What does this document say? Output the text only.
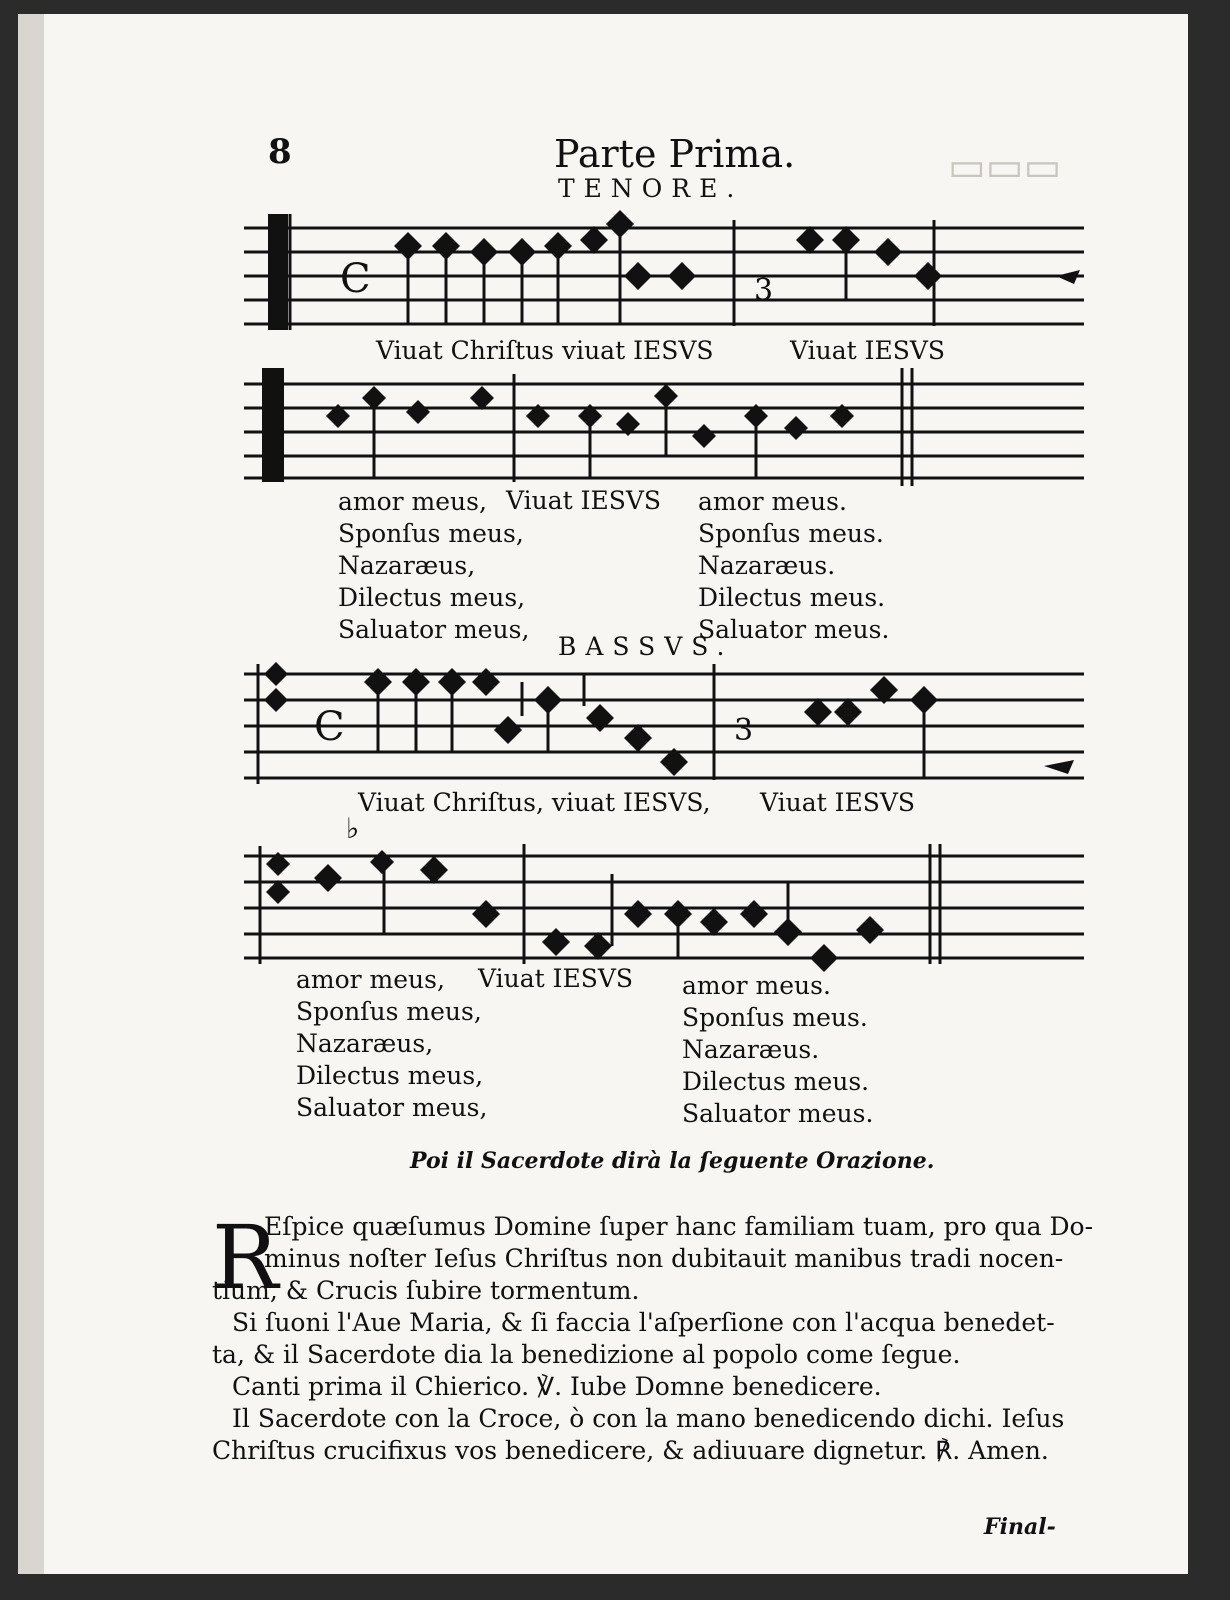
▭▭▭
8	Parte Prima.
TENORE.
C	3
Viuat Chriſtus viuat IESVS	Viuat IESVS
amor meus,
Sponſus meus,
Nazaræus,
Dilectus meus,
Saluator meus,
Viuat IESVS amor meus.
Sponſus meus.
Nazaræus.
Dilectus meus.
Saluator meus.
BASSVS.
C	3
Viuat Chriſtus, viuat IESVS, Viuat IESVS
♭
amor meus,
Sponſus meus,
Nazaræus,
Dilectus meus,
Saluator meus,
Viuat IESVS amor meus.
Sponſus meus.
Nazaræus.
Dilectus meus.
Saluator meus.
Poi il Sacerdote dirà la ſeguente Orazione.
R
Eſpice quæſumus Domine ſuper hanc familiam tuam, pro qua Do-
minus noſter Ieſus Chriſtus non dubitauit manibus tradi nocen-
tium, & Crucis ſubire tormentum.
Si ſuoni l'Aue Maria, & ſi faccia l'aſperſione con l'acqua benedet-
ta, & il Sacerdote dia la benedizione al popolo come ſegue.
Canti prima il Chierico. ℣. Iube Domne benedicere.
Il Sacerdote con la Croce, ò con la mano benedicendo dichi. Ieſus
Chriſtus crucifixus vos benedicere, & adiuuare dignetur. ℟. Amen.
Final-
